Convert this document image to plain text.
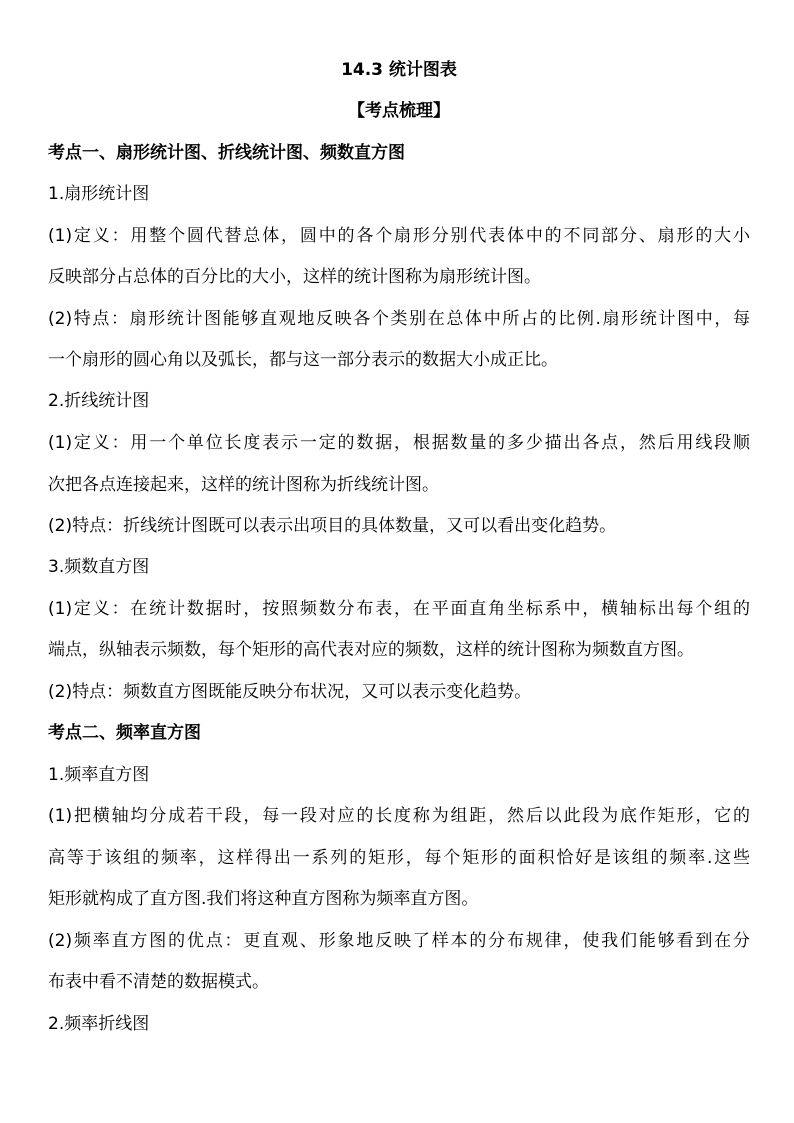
14.3 统计图表
【考点梳理】
考点一、扇形统计图、折线统计图、频数直方图
1.扇形统计图
(1)定义：用整个圆代替总体，圆中的各个扇形分别代表体中的不同部分、扇形的大小
反映部分占总体的百分比的大小，这样的统计图称为扇形统计图。
(2)特点：扇形统计图能够直观地反映各个类别在总体中所占的比例.扇形统计图中，每
一个扇形的圆心角以及弧长，都与这一部分表示的数据大小成正比。
2.折线统计图
(1)定义：用一个单位长度表示一定的数据，根据数量的多少描出各点，然后用线段顺
次把各点连接起来，这样的统计图称为折线统计图。
(2)特点：折线统计图既可以表示出项目的具体数量，又可以看出变化趋势。
3.频数直方图
(1)定义：在统计数据时，按照频数分布表，在平面直角坐标系中，横轴标出每个组的
端点，纵轴表示频数，每个矩形的高代表对应的频数，这样的统计图称为频数直方图。
(2)特点：频数直方图既能反映分布状况，又可以表示变化趋势。
考点二、频率直方图
1.频率直方图
(1)把横轴均分成若干段，每一段对应的长度称为组距，然后以此段为底作矩形，它的
高等于该组的频率，这样得出一系列的矩形，每个矩形的面积恰好是该组的频率.这些
矩形就构成了直方图.我们将这种直方图称为频率直方图。
(2)频率直方图的优点：更直观、形象地反映了样本的分布规律，使我们能够看到在分
布表中看不清楚的数据模式。
2.频率折线图
